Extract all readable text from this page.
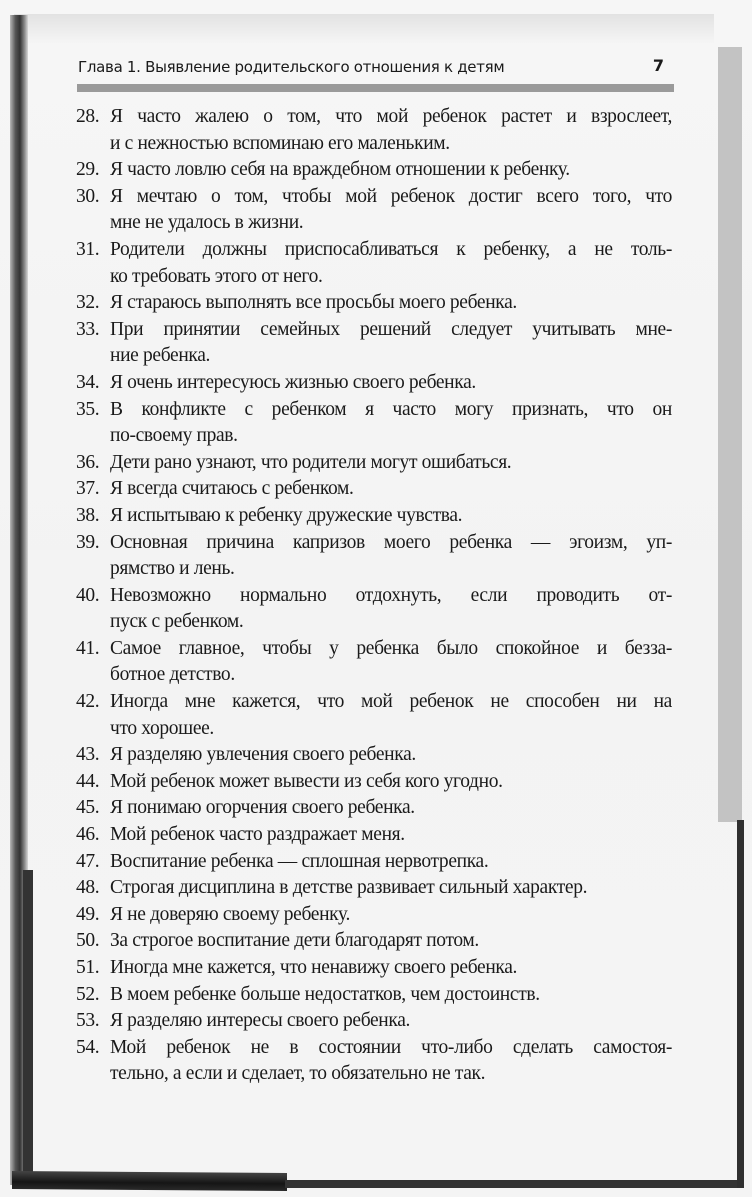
Глава 1. Выявление родительского отношения к детям	7
28. Я часто жалею о том, что мой ребенок растет и взрослеет,
и с нежностью вспоминаю его маленьким.
29. Я часто ловлю себя на враждебном отношении к ребенку.
30. Я мечтаю о том, чтобы мой ребенок достиг всего того, что
мне не удалось в жизни.
31. Родители должны приспосабливаться к ребенку, а не толь-
ко требовать этого от него.
32. Я стараюсь выполнять все просьбы моего ребенка.
33. При принятии семейных решений следует учитывать мне-
ние ребенка.
34. Я очень интересуюсь жизнью своего ребенка.
35. В конфликте с ребенком я часто могу признать, что он
по-своему прав.
36. Дети рано узнают, что родители могут ошибаться.
37. Я всегда считаюсь с ребенком.
38. Я испытываю к ребенку дружеские чувства.
39. Основная причина капризов моего ребенка — эгоизм, уп-
рямство и лень.
40. Невозможно нормально отдохнуть, если проводить от-
пуск с ребенком.
41. Самое главное, чтобы у ребенка было спокойное и безза-
ботное детство.
42. Иногда мне кажется, что мой ребенок не способен ни на
что хорошее.
43. Я разделяю увлечения своего ребенка.
44. Мой ребенок может вывести из себя кого угодно.
45. Я понимаю огорчения своего ребенка.
46. Мой ребенок часто раздражает меня.
47. Воспитание ребенка — сплошная нервотрепка.
48. Строгая дисциплина в детстве развивает сильный характер.
49. Я не доверяю своему ребенку.
50. За строгое воспитание дети благодарят потом.
51. Иногда мне кажется, что ненавижу своего ребенка.
52. В моем ребенке больше недостатков, чем достоинств.
53. Я разделяю интересы своего ребенка.
54. Мой ребенок не в состоянии что-либо сделать самостоя-
тельно, а если и сделает, то обязательно не так.
